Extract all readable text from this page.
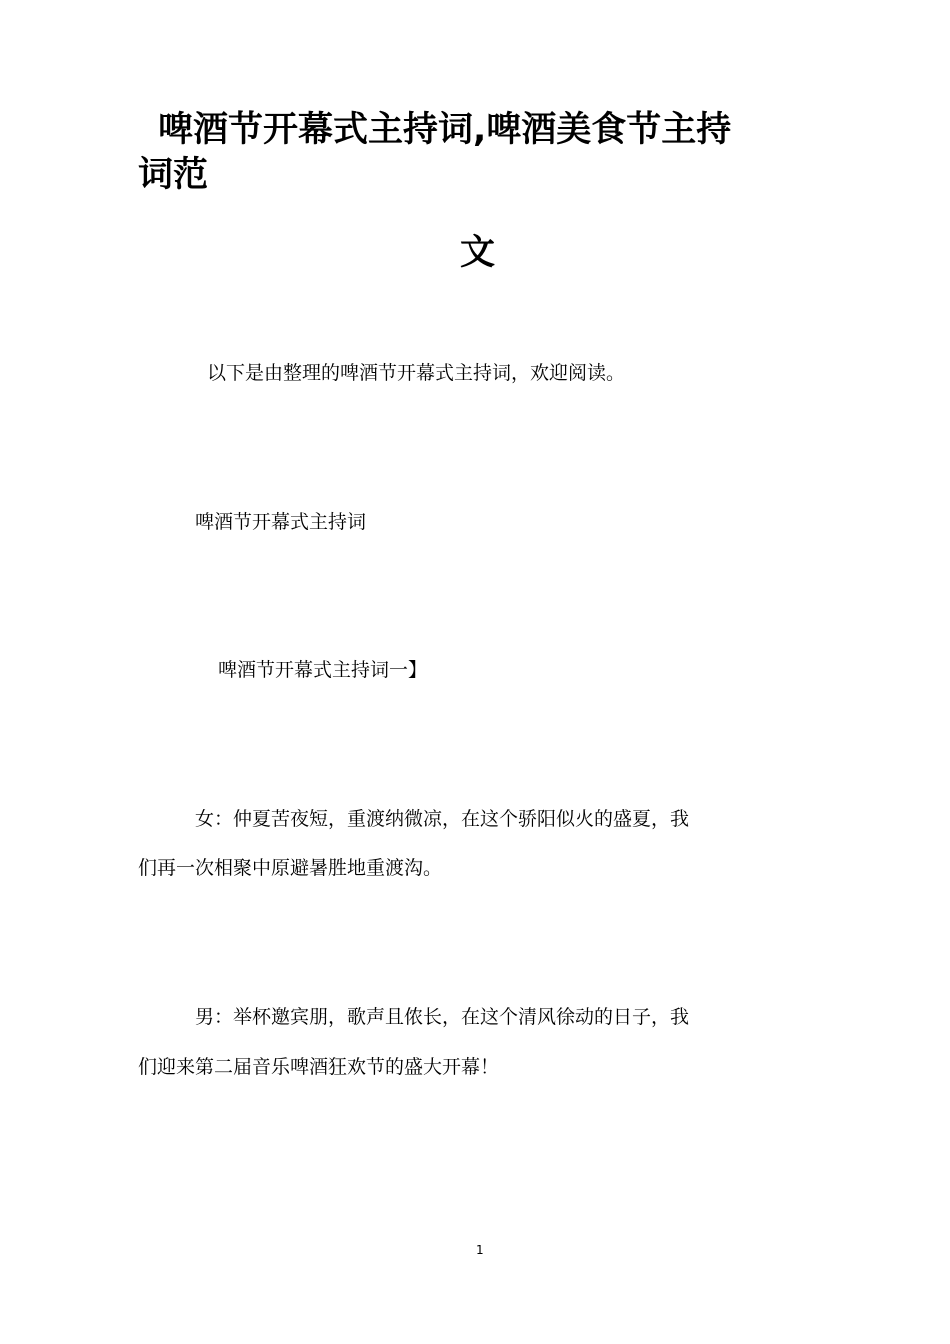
啤酒节开幕式主持词,啤酒美食节主持
词范
文
以下是由整理的啤酒节开幕式主持词，欢迎阅读。
啤酒节开幕式主持词
啤酒节开幕式主持词一】
女：仲夏苦夜短，重渡纳微凉，在这个骄阳似火的盛夏，我
们再一次相聚中原避暑胜地重渡沟。
男：举杯邀宾朋，歌声且侬长，在这个清风徐动的日子，我
们迎来第二届音乐啤酒狂欢节的盛大开幕！
1
